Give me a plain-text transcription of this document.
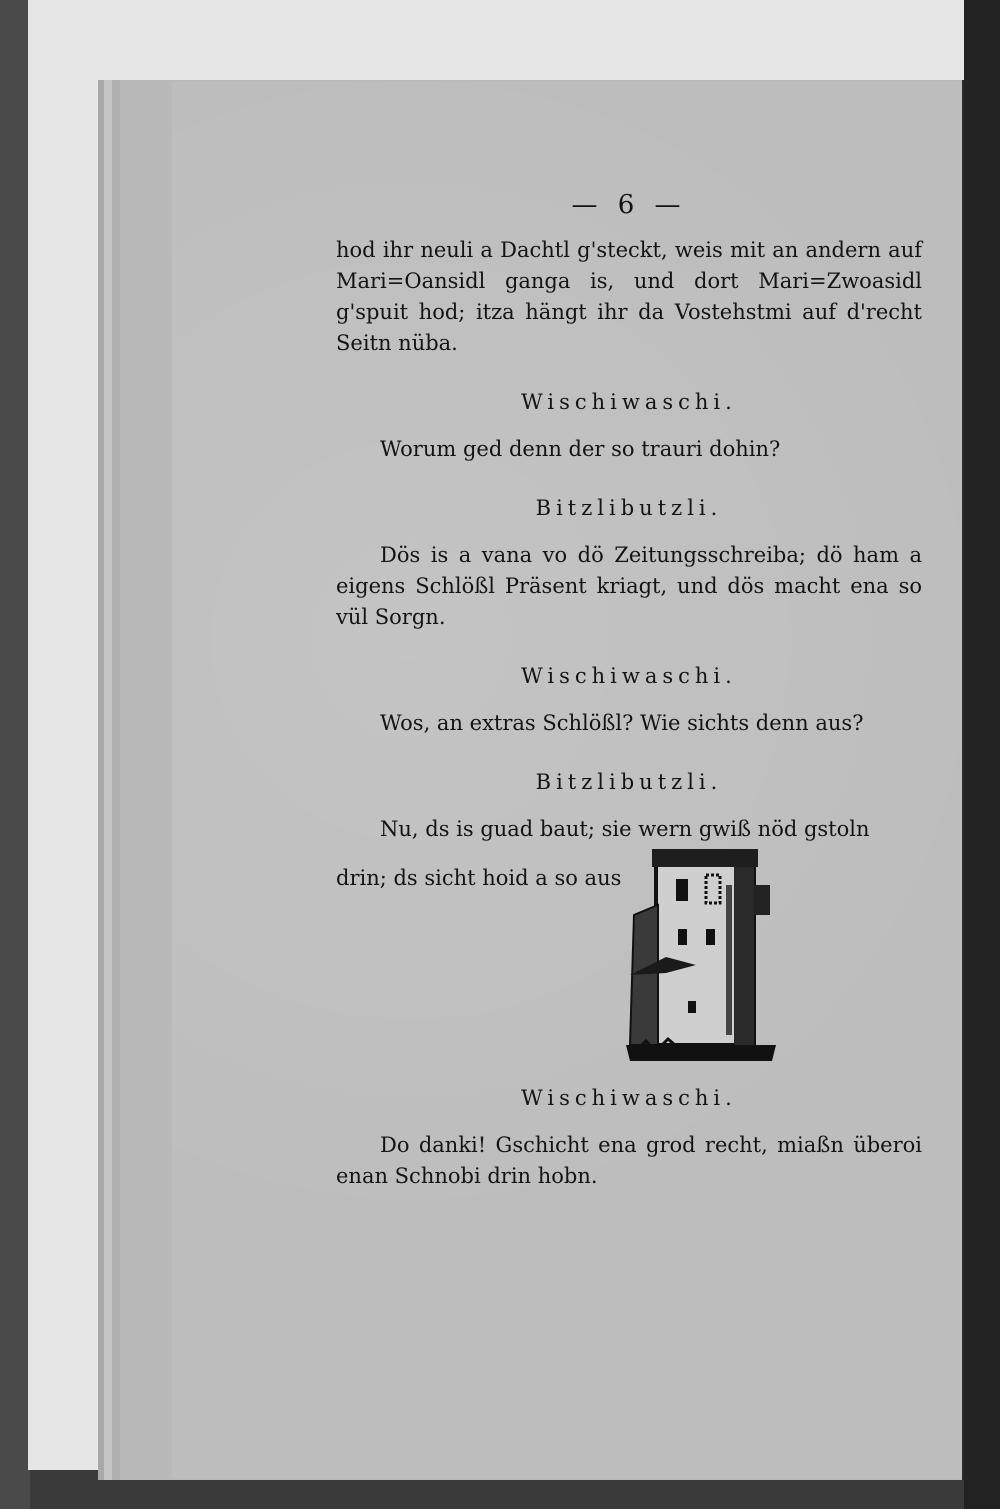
— 6 —

hod ihr neuli a Dachtl g'steckt, weis mit an andern auf Mari=Oansidl ganga is, und dort Mari=Zwoasidl g'spuit hod; itza hängt ihr da Vostehstmi auf d'recht Seitn nüba.

Wischiwaschi.

Worum ged denn der so trauri dohin?

Bitzlibutzli.

Dös is a vana vo dö Zeitungsschreiba; dö ham a eigens Schlößl Präsent kriagt, und dös macht ena so vül Sorgn.

Wischiwaschi.

Wos, an extras Schlößl? Wie sichts denn aus?

Bitzlibutzli.

Nu, ds is guad baut; sie wern gwiß nöd gstoln

drin; ds sicht hoid a so aus

Wischiwaschi.

Do danki! Gschicht ena grod recht, miaßn überoi enan Schnobi drin hobn.
